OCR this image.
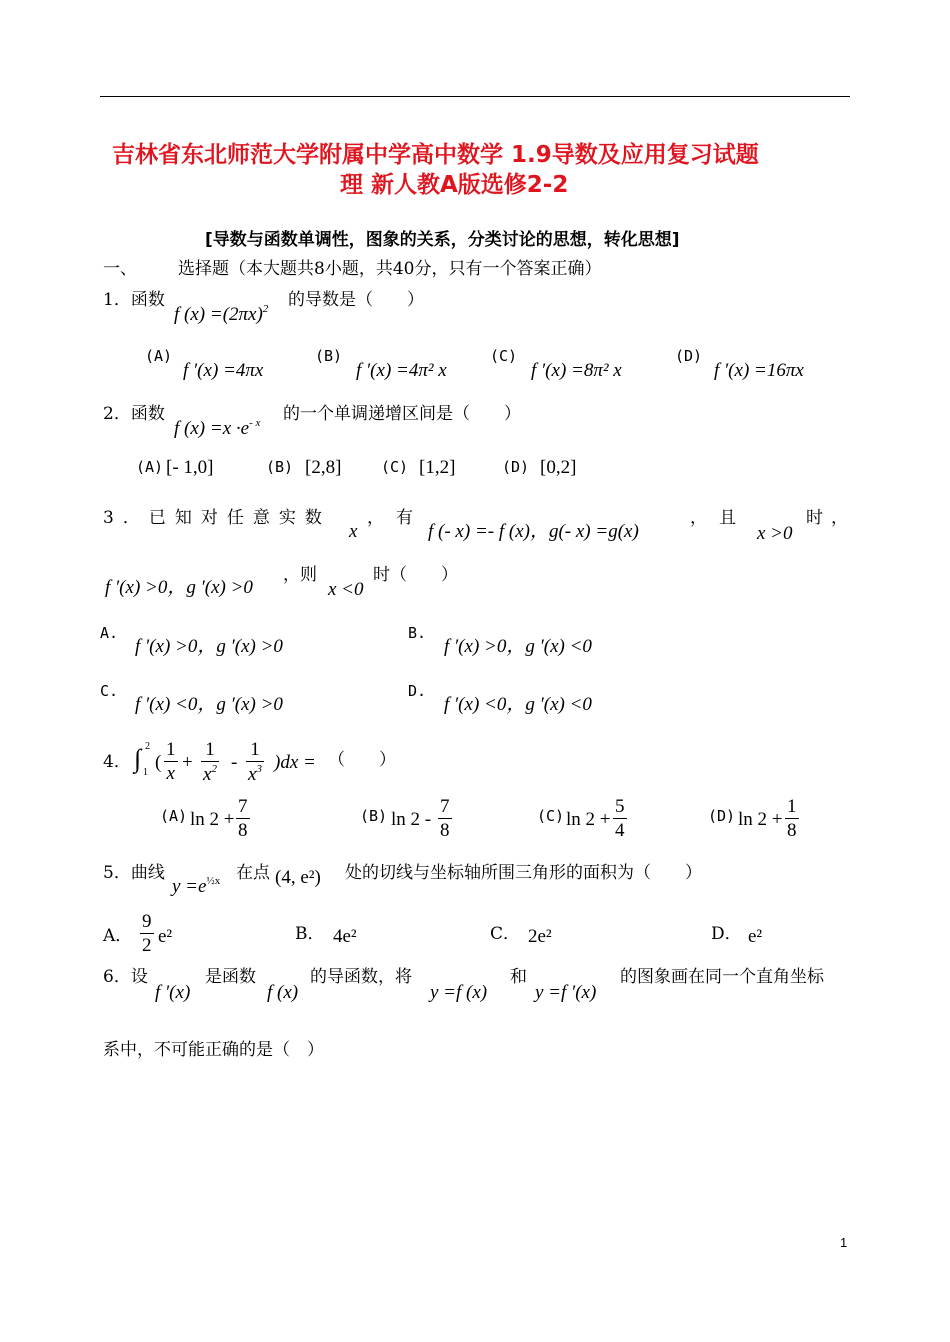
吉林省东北师范大学附属中学高中数学 1.9导数及应用复习试题
理 新人教A版选修2-2
[导数与函数单调性，图象的关系，分类讨论的思想，转化思想]
一、 选择题（本大题共8小题，共40分，只有一个答案正确）
1．函数
f $(x) =(2\pi x)^2$ 的导数是（　　）
(A)
f ′(x) =4πx
(B)
f ′(x) =4π² x
(C)
f ′(x) =8π² x
(D)
f ′(x) =16πx
2．函数
f $(x) =x \cdot e^{- x}$ 的一个单调递增区间是（　　）
(A) [- 1,0]	(B) [2,8]	(C) [1,2]	(D) [0,2]
3．已知对任意实数
x
，有
f (- x) =- f (x)，g(- x) =g(x)
，且
x >0
时，
f ′(x) >0，g ′(x) >0
，则
x <0
时（　　）
A.
f ′(x) >0，g ′(x) >0
B.
f ′(x) >0，g ′(x) <0
C.
f ′(x) <0，g ′(x) >0
D.
f ′(x) <0，g ′(x) <0
4． ∫ 2
1 (
1
x
+
1
$x^2$ -
1
$x^3$ )dx = （　　）
(A) ln 2 +
7
8
(B) ln 2 -
7
8
(C) ln 2 +
5
4
(D) ln 2 +
1
8
5．曲线
$y =e^{\frac{1}{2}x}$ 在点 (4, e²) 处的切线与坐标轴所围三角形的面积为（　　）
A．
9
2 e²	B． 4e²	C． 2e²	D． e²
6．设
f ′(x)
是函数
f (x)
的导函数，将
y =f (x)
和
y =f ′(x)
的图象画在同一个直角坐标
系中，不可能正确的是（　）
1
